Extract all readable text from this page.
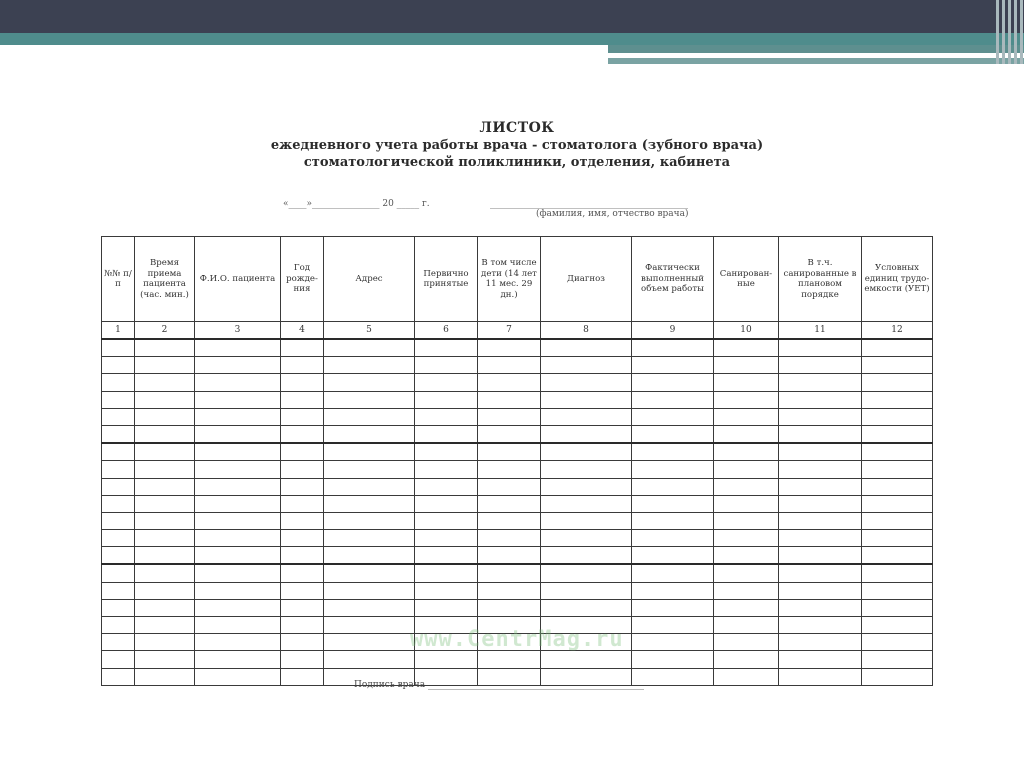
ЛИСТОК
ежедневного учета работы врача - стоматолога (зубного врача)
стоматологической поликлиники, отделения, кабинета
«____»_______________ 20 _____ г.	____________________________________________
(фамилия, имя, отчество врача)
№№ п/п	Время приема пациента (час. мин.)	Ф.И.О. пациента	Год рожде- ния	Адрес	Первично принятые	В том числе дети (14 лет 11 мес. 29 дн.)	Диагноз	Фактически выполненный объем работы	Санирован- ные	В т.ч. санированные в плановом порядке	Условных единиц трудо- емкости (УЕТ)
1	2	3	4	5	6	7	8	9	10	11	12

www.CentrMag.ru
Подпись врача ________________________________________________
